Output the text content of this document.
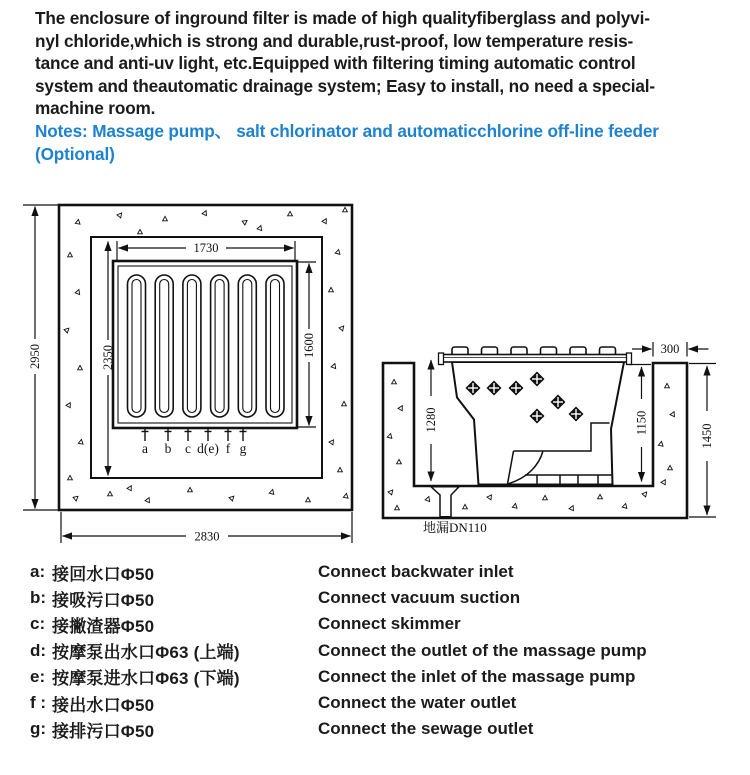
The enclosure of inground filter is made of high qualityfiberglass and polyvi-
nyl chloride,which is strong and durable,rust-proof, low temperature resis-
tance and anti-uv light, etc.Equipped with filtering timing automatic control
system and theautomatic drainage system; Easy to install, no need a special-
machine room.
Notes: Massage pump、 salt chlorinator and automaticchlorine off-line feeder
(Optional)
2950	2350	1600
1730
2830
a b c d(e) f g
1280	1150
1450
300
地漏DN110
a: 接回水口Φ50	Connect backwater inlet
b: 接吸污口Φ50	Connect vacuum suction
c: 接撇渣器Φ50	Connect skimmer
d: 按摩泵出水口Φ63 (上端)	Connect the outlet of the massage pump
e: 按摩泵进水口Φ63 (下端)	Connect the inlet of the massage pump
f : 接出水口Φ50	Connect the water outlet
g: 接排污口Φ50	Connect the sewage outlet
